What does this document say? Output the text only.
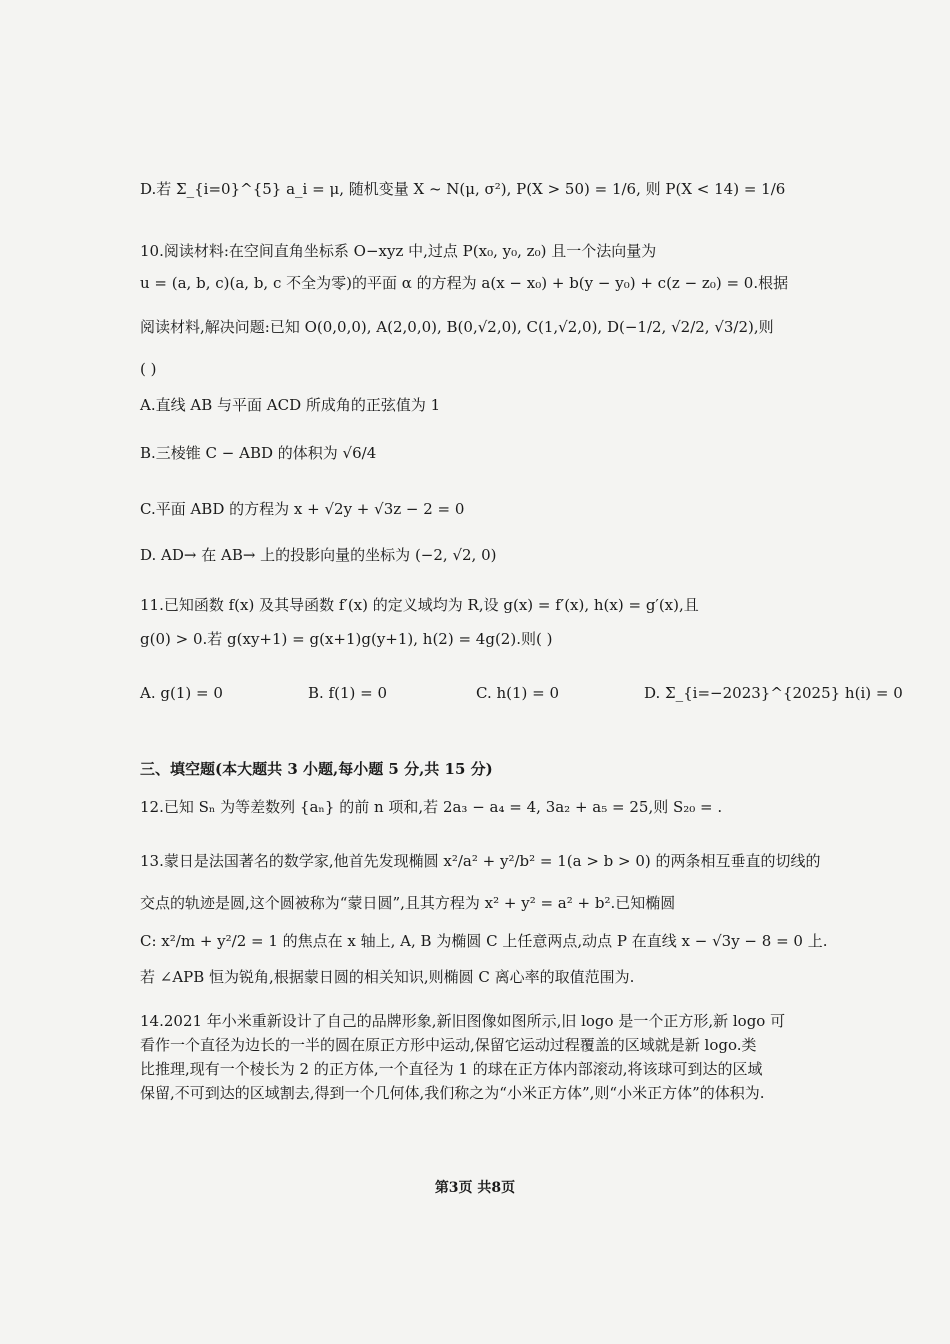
D.若 Σ_{i=0}^{5} a_i = μ, 随机变量 X ~ N(μ, σ²), P(X > 50) = 1/6, 则 P(X < 14) = 1/6
10.阅读材料:在空间直角坐标系 O−xyz 中,过点 P(x₀, y₀, z₀) 且一个法向量为
u = (a, b, c)(a, b, c 不全为零)的平面 α 的方程为 a(x − x₀) + b(y − y₀) + c(z − z₀) = 0.根据
阅读材料,解决问题:已知 O(0,0,0), A(2,0,0), B(0,√2,0), C(1,√2,0), D(−1/2, √2/2, √3/2),则
( )
A.直线 AB 与平面 ACD 所成角的正弦值为 1
B.三棱锥 C − ABD 的体积为 √6/4
C.平面 ABD 的方程为 x + √2y + √3z − 2 = 0
D. AD→ 在 AB→ 上的投影向量的坐标为 (−2, √2, 0)
11.已知函数 f(x) 及其导函数 f′(x) 的定义域均为 R,设 g(x) = f′(x), h(x) = g′(x),且
g(0) > 0.若 g(xy+1) = g(x+1)g(y+1), h(2) = 4g(2).则( )
A. g(1) = 0	B. f(1) = 0	C. h(1) = 0	D. Σ_{i=−2023}^{2025} h(i) = 0
三、填空题(本大题共 3 小题,每小题 5 分,共 15 分)
12.已知 Sₙ 为等差数列 {aₙ} 的前 n 项和,若 2a₃ − a₄ = 4, 3a₂ + a₅ = 25,则 S₂₀ = .
13.蒙日是法国著名的数学家,他首先发现椭圆 x²/a² + y²/b² = 1(a > b > 0) 的两条相互垂直的切线的
交点的轨迹是圆,这个圆被称为“蒙日圆”,且其方程为 x² + y² = a² + b².已知椭圆
C: x²/m + y²/2 = 1 的焦点在 x 轴上, A, B 为椭圆 C 上任意两点,动点 P 在直线 x − √3y − 8 = 0 上.
若 ∠APB 恒为锐角,根据蒙日圆的相关知识,则椭圆 C 离心率的取值范围为.
14.2021 年小米重新设计了自己的品牌形象,新旧图像如图所示,旧 logo 是一个正方形,新 logo 可
看作一个直径为边长的一半的圆在原正方形中运动,保留它运动过程覆盖的区域就是新 logo.类
比推理,现有一个棱长为 2 的正方体,一个直径为 1 的球在正方体内部滚动,将该球可到达的区域
保留,不可到达的区域割去,得到一个几何体,我们称之为“小米正方体”,则“小米正方体”的体积为.
第3页 共8页
